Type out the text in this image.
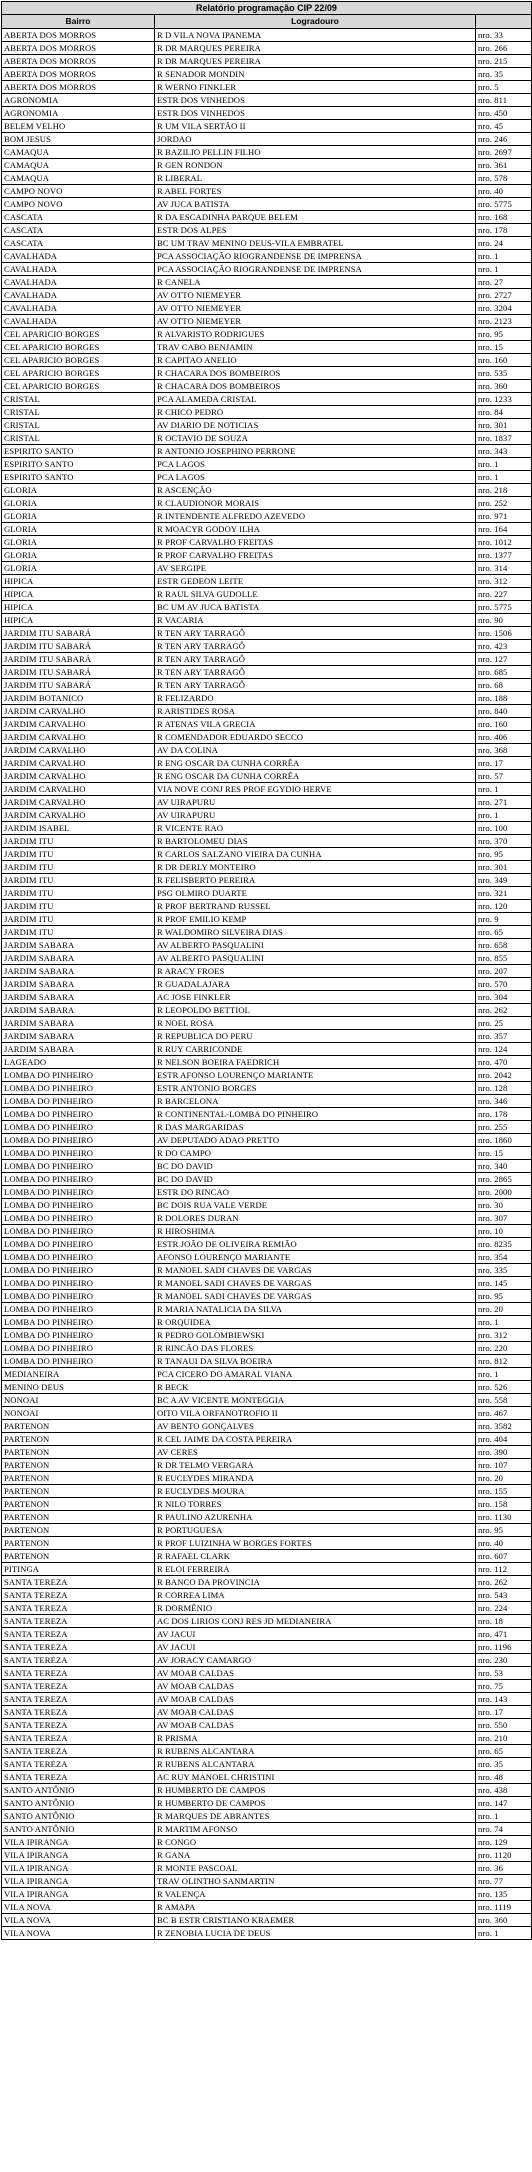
Relatório programação CIP 22/09
Bairro	Logradouro	
ABERTA DOS MORROS	R D VILA NOVA IPANEMA	nro. 33
ABERTA DOS MORROS	R DR MARQUES PEREIRA	nro. 266
ABERTA DOS MORROS	R DR MARQUES PEREIRA	nro. 215
ABERTA DOS MORROS	R SENADOR MONDIN	nro. 35
ABERTA DOS MORROS	R WERNO FINKLER	nro. 5
AGRONOMIA	ESTR DOS VINHEDOS	nro. 811
AGRONOMIA	ESTR DOS VINHEDOS	nro. 450
BELEM VELHO	R UM VILA SERTÃO II	nro. 45
BOM JESUS	JORDAO	nro. 246
CAMAQUA	R BAZILIO PELLIN FILHO	nro. 2697
CAMAQUA	R GEN RONDON	nro. 361
CAMAQUA	R LIBERAL	nro. 578
CAMPO NOVO	R ABEL FORTES	nro. 40
CAMPO NOVO	AV JUCA BATISTA	nro. 5775
CASCATA	R DA ESCADINHA PARQUE BELEM	nro. 168
CASCATA	ESTR DOS ALPES	nro. 178
CASCATA	BC UM TRAV MENINO DEUS-VILA EMBRATEL	nro. 24
CAVALHADA	PCA ASSOCIAÇÃO RIOGRANDENSE DE IMPRENSA	nro. 1
CAVALHADA	PCA ASSOCIAÇÃO RIOGRANDENSE DE IMPRENSA	nro. 1
CAVALHADA	R CANELA	nro. 27
CAVALHADA	AV OTTO NIEMEYER	nro. 2727
CAVALHADA	AV OTTO NIEMEYER	nro. 3204
CAVALHADA	AV OTTO NIEMEYER	nro. 2123
CEL APARICIO BORGES	R ALVARISTO RODRIGUES	nro. 95
CEL APARICIO BORGES	TRAV CABO BENJAMIN	nro. 15
CEL APARICIO BORGES	R CAPITAO ANELIO	nro. 160
CEL APARICIO BORGES	R CHACARA DOS BOMBEIROS	nro. 535
CEL APARICIO BORGES	R CHACARA DOS BOMBEIROS	nro. 360
CRISTAL	PCA ALAMEDA CRISTAL	nro. 1233
CRISTAL	R CHICO PEDRO	nro. 84
CRISTAL	AV DIARIO DE NOTICIAS	nro. 301
CRISTAL	R OCTAVIO DE SOUZA	nro. 1837
ESPIRITO SANTO	R ANTONIO JOSEPHINO PERRONE	nro. 343
ESPIRITO SANTO	PCA LAGOS	nro. 1
ESPIRITO SANTO	PCA LAGOS	nro. 1
GLORIA	R ASCENÇÃO	nro. 218
GLORIA	R CLAUDIONOR MORAIS	nro. 252
GLORIA	R INTENDENTE ALFREDO AZEVEDO	nro. 971
GLORIA	R MOACYR GODOY ILHA	nro. 164
GLORIA	R PROF CARVALHO FREITAS	nro. 1012
GLORIA	R PROF CARVALHO FREITAS	nro. 1377
GLORIA	AV SERGIPE	nro. 314
HIPICA	ESTR GEDEON LEITE	nro. 312
HIPICA	R RAUL SILVA GUDOLLE	nro. 227
HIPICA	BC UM AV JUCA BATISTA	nro. 5775
HIPICA	R VACARIA	nro. 90
JARDIM ITU SABARÁ	R TEN ARY TARRAGÔ	nro. 1506
JARDIM ITU SABARÁ	R TEN ARY TARRAGÔ	nro. 423
JARDIM ITU SABARÁ	R TEN ARY TARRAGÔ	nro. 127
JARDIM ITU SABARÁ	R TEN ARY TARRAGÔ	nro. 685
JARDIM ITU SABARÁ	R TEN ARY TARRAGÔ	nro. 68
JARDIM BOTANICO	R FELIZARDO	nro. 188
JARDIM CARVALHO	R ARISTIDES ROSA	nro. 840
JARDIM CARVALHO	R ATENAS VILA GRECIA	nro. 160
JARDIM CARVALHO	R COMENDADOR EDUARDO SECCO	nro. 406
JARDIM CARVALHO	AV DA COLINA	nro. 368
JARDIM CARVALHO	R ENG OSCAR DA CUNHA CORRÊA	nro. 17
JARDIM CARVALHO	R ENG OSCAR DA CUNHA CORRÊA	nro. 57
JARDIM CARVALHO	VIA NOVE CONJ RES PROF EGYDIO HERVE	nro. 1
JARDIM CARVALHO	AV UIRAPURU	nro. 271
JARDIM CARVALHO	AV UIRAPURU	nro. 1
JARDIM ISABEL	R VICENTE RAO	nro. 100
JARDIM ITU	R BARTOLOMEU DIAS	nro. 370
JARDIM ITU	R CARLOS SALZANO VIEIRA DA CUNHA	nro. 95
JARDIM ITU	R DR DERLY MONTEIRO	nro. 301
JARDIM ITU	R FELISBERTO PEREIRA	nro. 349
JARDIM ITU	PSG OLMIRO DUARTE	nro. 321
JARDIM ITU	R PROF BERTRAND RUSSEL	nro. 120
JARDIM ITU	R PROF EMILIO KEMP	nro. 9
JARDIM ITU	R WALDOMIRO SILVEIRA DIAS	nro. 65
JARDIM SABARA	AV ALBERTO PASQUALINI	nro. 658
JARDIM SABARA	AV ALBERTO PASQUALINI	nro. 855
JARDIM SABARA	R ARACY FROES	nro. 207
JARDIM SABARA	R GUADALAJARA	nro. 570
JARDIM SABARA	AC JOSE FINKLER	nro. 304
JARDIM SABARA	R LEOPOLDO BETTIOL	nro. 262
JARDIM SABARA	R NOEL ROSA	nro. 25
JARDIM SABARA	R REPUBLICA DO PERU	nro. 357
JARDIM SABARA	R RUY CARRICONDE	nro. 124
LAGEADO	R NELSON BOEIRA FAEDRICH	nro. 470
LOMBA DO PINHEIRO	ESTR AFONSO LOURENÇO MARIANTE	nro. 2042
LOMBA DO PINHEIRO	ESTR ANTONIO BORGES	nro. 128
LOMBA DO PINHEIRO	R BARCELONA	nro. 346
LOMBA DO PINHEIRO	R CONTINENTAL-LOMBA DO PINHEIRO	nro. 178
LOMBA DO PINHEIRO	R DAS MARGARIDAS	nro. 255
LOMBA DO PINHEIRO	AV DEPUTADO ADAO PRETTO	nro. 1860
LOMBA DO PINHEIRO	R DO CAMPO	nro. 15
LOMBA DO PINHEIRO	BC DO DAVID	nro. 340
LOMBA DO PINHEIRO	BC DO DAVID	nro. 2865
LOMBA DO PINHEIRO	ESTR DO RINCAO	nro. 2000
LOMBA DO PINHEIRO	BC DOIS RUA VALE VERDE	nro. 30
LOMBA DO PINHEIRO	R DOLORES DURAN	nro. 307
LOMBA DO PINHEIRO	R HIROSHIMA	nro. 10
LOMBA DO PINHEIRO	ESTR JOÃO DE OLIVEIRA REMIÃO	nro. 8235
LOMBA DO PINHEIRO	AFONSO LOURENÇO MARIANTE	nro. 354
LOMBA DO PINHEIRO	R MANOEL SADI CHAVES DE VARGAS	nro. 335
LOMBA DO PINHEIRO	R MANOEL SADI CHAVES DE VARGAS	nro. 145
LOMBA DO PINHEIRO	R MANOEL SADI CHAVES DE VARGAS	nro. 95
LOMBA DO PINHEIRO	R MARIA NATALICIA DA SILVA	nro. 20
LOMBA DO PINHEIRO	R ORQUIDEA	nro. 1
LOMBA DO PINHEIRO	R PEDRO GOLOMBIEWSKI	nro. 312
LOMBA DO PINHEIRO	R RINCÃO DAS FLORES	nro. 220
LOMBA DO PINHEIRO	R TANAUI DA SILVA BOEIRA	nro. 812
MEDIANEIRA	PCA CICERO DO AMARAL VIANA	nro. 1
MENINO DEUS	R BECK	nro. 526
NONOAI	BC A AV VICENTE MONTEGGIA	nro. 558
NONOAI	OITO VILA ORFANOTROFIO II	nro. 467
PARTENON	AV BENTO GONÇALVES	nro. 3582
PARTENON	R CEL JAIME DA COSTA PEREIRA	nro. 404
PARTENON	AV CERES	nro. 390
PARTENON	R DR TELMO VERGARA	nro. 107
PARTENON	R EUCLYDES MIRANDA	nro. 20
PARTENON	R EUCLYDES MOURA	nro. 155
PARTENON	R NILO TORRES	nro. 158
PARTENON	R PAULINO AZURENHA	nro. 1130
PARTENON	R PORTUGUESA	nro. 95
PARTENON	R PROF LUIZINHA W BORGES FORTES	nro. 40
PARTENON	R RAFAEL CLARK	nro. 607
PITINGA	R ELOI FERREIRA	nro. 112
SANTA TEREZA	R BANCO DA PROVINCIA	nro. 262
SANTA TEREZA	R CORREA LIMA	nro. 543
SANTA TEREZA	R DORMÊNIO	nro. 224
SANTA TEREZA	AC DOS LIRIOS CONJ RES JD MEDIANEIRA	nro. 18
SANTA TEREZA	AV JACUI	nro. 471
SANTA TEREZA	AV JACUI	nro. 1196
SANTA TEREZA	AV JORACY CAMARGO	nro. 230
SANTA TEREZA	AV MOAB CALDAS	nro. 53
SANTA TEREZA	AV MOAB CALDAS	nro. 75
SANTA TEREZA	AV MOAB CALDAS	nro. 143
SANTA TEREZA	AV MOAB CALDAS	nro. 17
SANTA TEREZA	AV MOAB CALDAS	nro. 550
SANTA TEREZA	R PRISMA	nro. 210
SANTA TEREZA	R RUBENS ALCANTARA	nro. 65
SANTA TEREZA	R RUBENS ALCANTARA	nro. 35
SANTA TEREZA	AC RUY MANOEL CHRISTINI	nro. 48
SANTO ANTÔNIO	R HUMBERTO DE CAMPOS	nro. 438
SANTO ANTÔNIO	R HUMBERTO DE CAMPOS	nro. 147
SANTO ANTÔNIO	R MARQUES DE ABRANTES	nro. 1
SANTO ANTÔNIO	R MARTIM AFONSO	nro. 74
VILA IPIRANGA	R CONGO	nro. 129
VILA IPIRANGA	R GANA	nro. 1120
VILA IPIRANGA	R MONTE PASCOAL	nro. 36
VILA IPIRANGA	TRAV OLINTHO SANMARTIN	nro. 77
VILA IPIRANGA	R VALENÇA	nro. 135
VILA NOVA	R AMAPA	nro. 1119
VILA NOVA	BC B ESTR CRISTIANO KRAEMER	nro. 360
VILA NOVA	R ZENOBIA LUCIA DE DEUS	nro. 1
